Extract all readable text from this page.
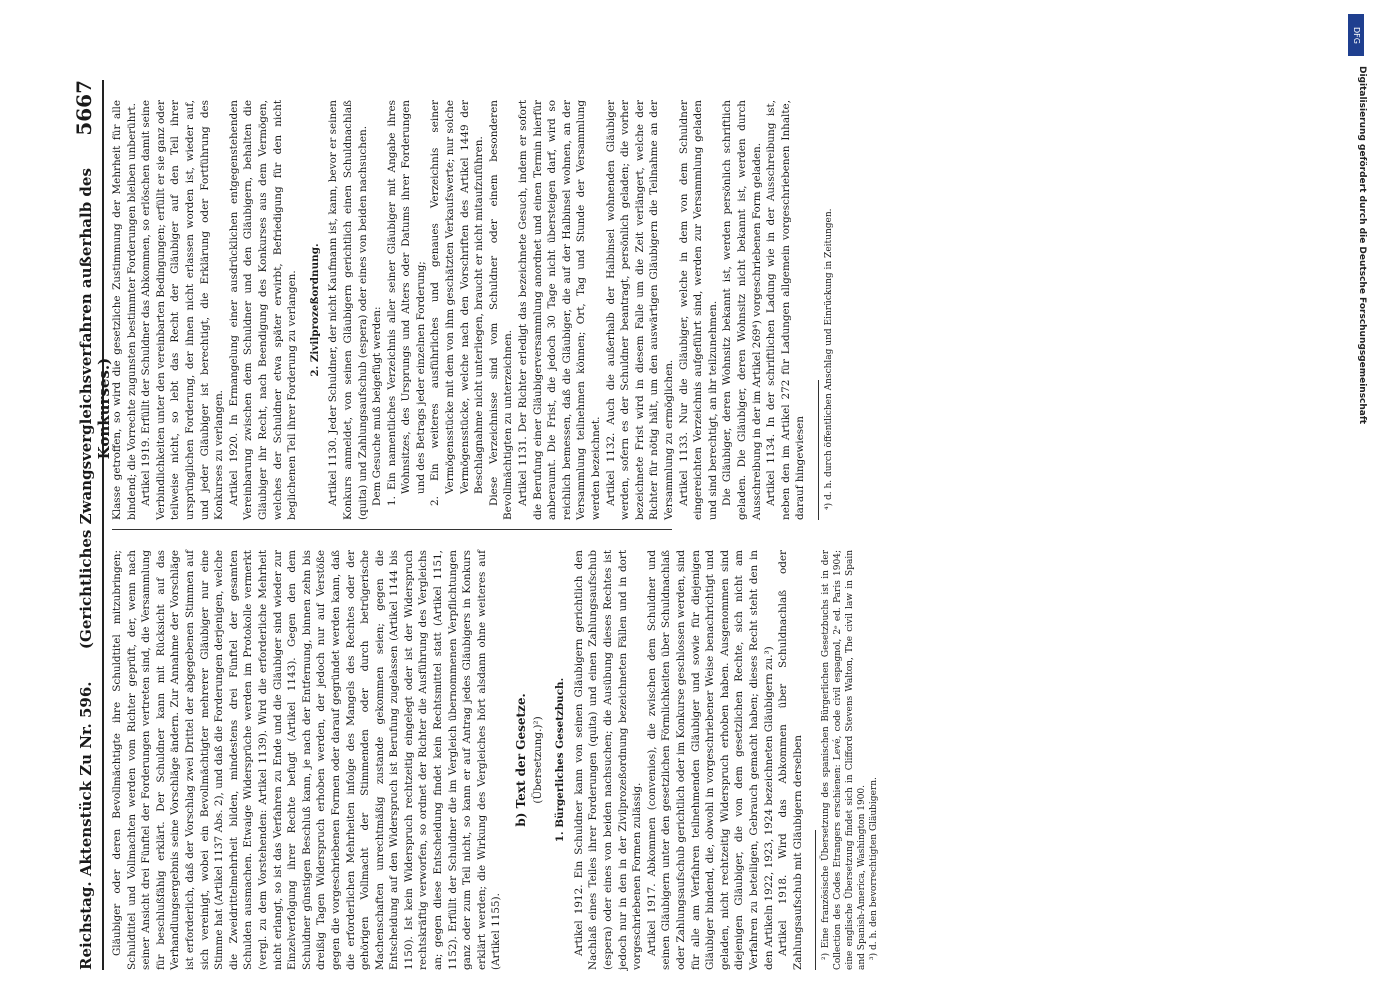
Reichstag. Aktenstück Zu Nr. 596.
(Gerichtliches Zwangsvergleichsverfahren außerhalb des Konkurses.)
5667

Gläubiger oder deren Bevollmächtigte ihre Schuldtitel mitzubringen; Schuldtitel und Vollmachten werden vom Richter geprüft, der, wenn nach seiner Ansicht drei Fünftel der Forderungen vertreten sind, die Versammlung für beschlußfähig erklärt. Der Schuldner kann mit Rücksicht auf das Verhandlungsergebnis seine Vorschläge ändern. Zur Annahme der Vorschläge ist erforderlich, daß der Vorschlag zwei Drittel der abgegebenen Stimmen auf sich vereinigt, wobei ein Bevollmächtigter mehrerer Gläubiger nur eine Stimme hat (Artikel 1137 Abs. 2), und daß die Forderungen derjenigen, welche die Zweidrittelmehrheit bilden, mindestens drei Fünftel der gesamten Schulden ausmachen. Etwaige Widersprüche werden im Protokolle vermerkt (vergl. zu dem Vorstehenden: Artikel 1139). Wird die erforderliche Mehrheit nicht erlangt, so ist das Verfahren zu Ende und die Gläubiger sind wieder zur Einzelverfolgung ihrer Rechte befugt (Artikel 1143). Gegen den dem Schuldner günstigen Beschluß kann, je nach der Entfernung, binnen zehn bis dreißig Tagen Widerspruch erhoben werden, der jedoch nur auf Verstöße gegen die vorgeschriebenen Formen oder darauf gegründet werden kann, daß die erforderlichen Mehrheiten infolge des Mangels des Rechtes oder der gehörigen Vollmacht der Stimmenden oder durch betrügerische Machenschaften unrechtmäßig zustande gekommen seien; gegen die Entscheidung auf den Widerspruch ist Berufung zugelassen (Artikel 1144 bis 1150). Ist kein Widerspruch rechtzeitig eingelegt oder ist der Widerspruch rechtskräftig verworfen, so ordnet der Richter die Ausführung des Vergleichs an; gegen diese Entscheidung findet kein Rechtsmittel statt (Artikel 1151, 1152). Erfüllt der Schuldner die im Vergleich übernommenen Verpflichtungen ganz oder zum Teil nicht, so kann er auf Antrag jedes Gläubigers in Konkurs erklärt werden; die Wirkung des Vergleiches hört alsdann ohne weiteres auf (Artikel 1155).

b) Text der Gesetze. (Übersetzung.)²) 1. Bürgerliches Gesetzbuch. Artikel 1912. Ein Schuldner kann von seinen Gläubigern gerichtlich den Nachlaß eines Teiles ihrer Forderungen (quita) und einen Zahlungsaufschub (espera) oder eines von beiden nachsuchen; die Ausübung dieses Rechtes ist jedoch nur in den in der Zivilprozeßordnung bezeichneten Fällen und in dort vorgeschriebenen Formen zulässig. Artikel 1917. Abkommen (convenios), die zwischen dem Schuldner und seinen Gläubigern unter den gesetzlichen Förmlichkeiten über Schuldnachlaß oder Zahlungsaufschub gerichtlich oder im Konkurse geschlossen werden, sind für alle am Verfahren teilnehmenden Gläubiger und sowie für diejenigen Gläubiger bindend, die, obwohl in vorgeschriebener Weise benachrichtigt und geladen, nicht rechtzeitig Widerspruch erhoben haben. Ausgenommen sind diejenigen Gläubiger, die von dem gesetzlichen Rechte, sich nicht am Verfahren zu beteiligen, Gebrauch gemacht haben; dieses Recht steht den in den Artikeln 1922, 1923, 1924 bezeichneten Gläubigern zu.³) Artikel 1918. Wird das Abkommen über Schuldnachlaß oder Zahlungsaufschub mit Gläubigern derselben ²) Eine französische Übersetzung des spanischen Bürgerlichen Gesetzbuchs ist in der Collection des Codes Etrangers erschienen: Levé, code civil espagnol, 2ᵉ ed. Paris 1904; eine englische Übersetzung findet sich in Clifford Stevens Walton, The civil law in Spain and Spanish-America, Washington 1900. ³) d. h. den bevorrechtigten Gläubigern.

Klasse getroffen, so wird die gesetzliche Zustimmung der Mehrheit für alle bindend; die Vorrechte zugunsten bestimmter Forderungen bleiben unberührt. Artikel 1919. Erfüllt der Schuldner das Abkommen, so erlöschen damit seine Verbindlichkeiten unter den vereinbarten Bedingungen; erfüllt er sie ganz oder teilweise nicht, so lebt das Recht der Gläubiger auf den Teil ihrer ursprünglichen Forderung, der ihnen nicht erlassen worden ist, wieder auf, und jeder Gläubiger ist berechtigt, die Erklärung oder Fortführung des Konkurses zu verlangen. Artikel 1920. In Ermangelung einer ausdrücklichen entgegenstehenden Vereinbarung zwischen dem Schuldner und den Gläubigern, behalten die Gläubiger ihr Recht, nach Beendigung des Konkurses aus dem Vermögen, welches der Schuldner etwa später erwirbt, Befriedigung für den nicht beglichenen Teil ihrer Forderung zu verlangen. 2. Zivilprozeßordnung. Artikel 1130. Jeder Schuldner, der nicht Kaufmann ist, kann, bevor er seinen Konkurs anmeldet, von seinen Gläubigern gerichtlich einen Schuldnachlaß (quita) und Zahlungsaufschub (espera) oder eines von beiden nachsuchen. Dem Gesuche muß beigefügt werden: 1. Ein namentliches Verzeichnis aller seiner Gläubiger mit Angabe ihres Wohnsitzes, des Ursprungs und Alters oder Datums ihrer Forderungen und des Betrags jeder einzelnen Forderung; 2. Ein weiteres ausführliches und genaues Verzeichnis seiner Vermögensstücke mit dem von ihm geschätzten Verkaufswerte; nur solche Vermögensstücke, welche nach den Vorschriften des Artikel 1449 der Beschlagnahme nicht unterliegen, braucht er nicht mitaufzuführen. Diese Verzeichnisse sind vom Schuldner oder einem besonderen Bevollmächtigten zu unterzeichnen. Artikel 1131. Der Richter erledigt das bezeichnete Gesuch, indem er sofort die Berufung einer Gläubigerversammlung anordnet und einen Termin hierfür anberaumt. Die Frist, die jedoch 30 Tage nicht übersteigen darf, wird so reichlich bemessen, daß die Gläubiger, die auf der Halbinsel wohnen, an der Versammlung teilnehmen können; Ort, Tag und Stunde der Versammlung werden bezeichnet. Artikel 1132. Auch die außerhalb der Halbinsel wohnenden Gläubiger werden, sofern es der Schuldner beantragt, persönlich geladen; die vorher bezeichnete Frist wird in diesem Falle um die Zeit verlängert, welche der Richter für nötig hält, um den auswärtigen Gläubigern die Teilnahme an der Versammlung zu ermöglichen. Artikel 1133. Nur die Gläubiger, welche in dem von dem Schuldner eingereichten Verzeichnis aufgeführt sind, werden zur Versammlung geladen und sind berechtigt, an ihr teilzunehmen. Die Gläubiger, deren Wohnsitz bekannt ist, werden persönlich schriftlich geladen. Die Gläubiger, deren Wohnsitz nicht bekannt ist, werden durch Ausschreibung in der im Artikel 269⁴) vorgeschriebenen Form geladen. Artikel 1134. In der schriftlichen Ladung wie in der Ausschreibung ist, neben den im Artikel 272 für Ladungen allgemein vorgeschriebenen Inhalte, darauf hingewiesen ⁴) d. h. durch öffentlichen Anschlag und Einrückung in Zeitungen.

DFG
Digitalisierung gefördert durch die Deutsche Forschungsgemeinschaft
